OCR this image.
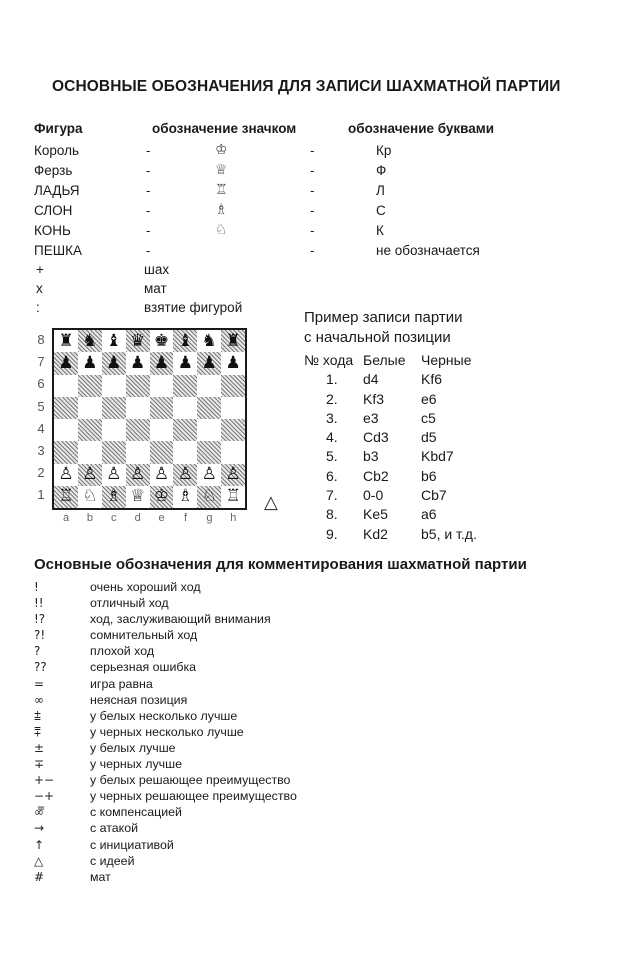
ОСНОВНЫЕ ОБОЗНАЧЕНИЯ ДЛЯ ЗАПИСИ ШАХМАТНОЙ ПАРТИИ
Фигура	обозначение значком	обозначение буквами
Король	-	♔	-	Кр
Ферзь	-	♕	-	Ф
ЛАДЬЯ	-	♖	-	Л
СЛОН	-	♗	-	С
КОНЬ	-	♘	-	К
ПЕШКА	-	-	не обозначается
+	шах
x	мат
:	взятие фигурой
8
7
6
5
4
3
2
1
♜ ♞ ♝ ♛ ♚ ♝ ♞ ♜
♟ ♟ ♟ ♟ ♟ ♟ ♟ ♟
♙ ♙ ♙ ♙ ♙ ♙ ♙ ♙
♖ ♘ ♗ ♕ ♔ ♗ ♘ ♖
a	b	c	d	e	f	g	h
△
Пример записи партии
с начальной позиции
№ хода Белые Черные
1. d4	Kf6
2. Kf3	e6
3. e3	c5
4. Cd3 d5
5. b3	Kbd7
6. Cb2 b6
7. 0-0	Cb7
8. Ke5 a6
9. Kd2 b5, и т.д.
Основные обозначения для комментирования шахматной партии
!	очень хороший ход
!!	отличный ход
!?	ход, заслуживающий внимания
?!	сомнительный ход
?	плохой ход
??	серьезная ошибка
=	игра равна
∞	неясная позиция
⩲	у белых несколько лучше
⩱	у черных несколько лучше
±	у белых лучше
∓	у черных лучше
+−	у белых решающее преимущество
−+	у черных решающее преимущество
∞̿	с компенсацией
→	с атакой
↑	с инициативой
△	с идеей
#	мат
